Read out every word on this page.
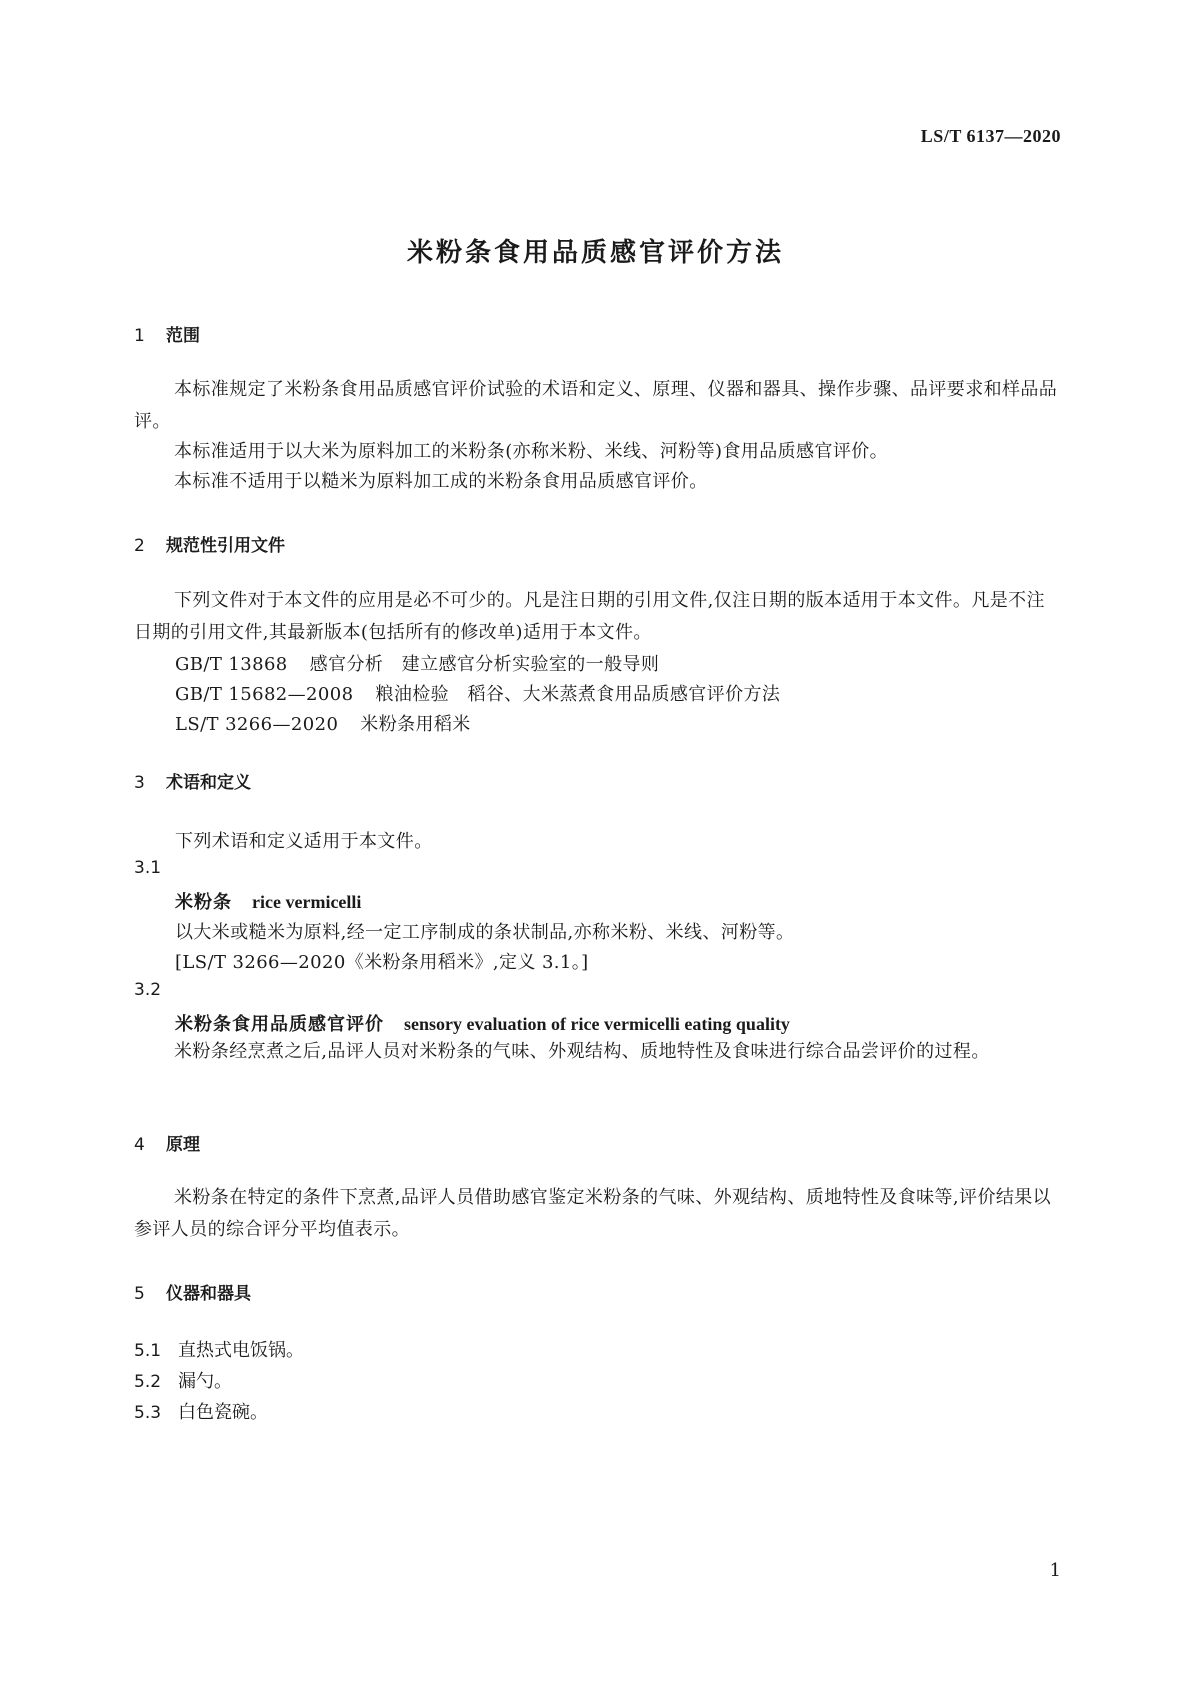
LS/T 6137—2020
米粉条食用品质感官评价方法
1 范围

本标准规定了米粉条食用品质感官评价试验的术语和定义、原理、仪器和器具、操作步骤、品评要求和样品品评。

本标准适用于以大米为原料加工的米粉条(亦称米粉、米线、河粉等)食用品质感官评价。

本标准不适用于以糙米为原料加工成的米粉条食用品质感官评价。

2 规范性引用文件

下列文件对于本文件的应用是必不可少的。凡是注日期的引用文件,仅注日期的版本适用于本文件。凡是不注日期的引用文件,其最新版本(包括所有的修改单)适用于本文件。

GB/T 13868 感官分析　建立感官分析实验室的一般导则
GB/T 15682—2008 粮油检验　稻谷、大米蒸煮食用品质感官评价方法
LS/T 3266—2020 米粉条用稻米
3 术语和定义
下列术语和定义适用于本文件。
3.1
米粉条 rice vermicelli
以大米或糙米为原料,经一定工序制成的条状制品,亦称米粉、米线、河粉等。
[LS/T 3266—2020《米粉条用稻米》,定义 3.1。]
3.2
米粉条食用品质感官评价 sensory evaluation of rice vermicelli eating quality

米粉条经烹煮之后,品评人员对米粉条的气味、外观结构、质地特性及食味进行综合品尝评价的过程。

4 原理

米粉条在特定的条件下烹煮,品评人员借助感官鉴定米粉条的气味、外观结构、质地特性及食味等,评价结果以参评人员的综合评分平均值表示。

5 仪器和器具
5.1 直热式电饭锅。
5.2 漏勺。
5.3 白色瓷碗。
1
